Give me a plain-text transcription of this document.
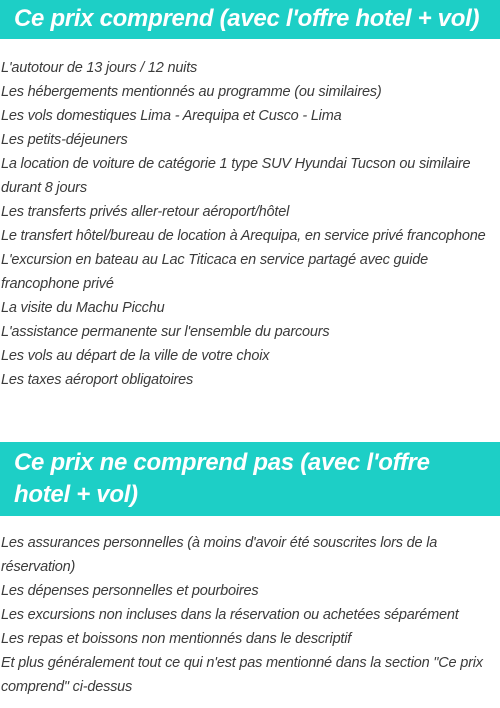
Ce prix comprend (avec l'offre hotel + vol)
L'autotour de 13 jours / 12 nuits
Les hébergements mentionnés au programme (ou similaires)
Les vols domestiques Lima - Arequipa et Cusco - Lima
Les petits-déjeuners
La location de voiture de catégorie 1 type SUV Hyundai Tucson ou similaire durant 8 jours
Les transferts privés aller-retour aéroport/hôtel
Le transfert hôtel/bureau de location à Arequipa, en service privé francophone
L'excursion en bateau au Lac Titicaca en service partagé avec guide francophone privé
La visite du Machu Picchu
L'assistance permanente sur l'ensemble du parcours
Les vols au départ de la ville de votre choix
Les taxes aéroport obligatoires
Ce prix ne comprend pas (avec l'offre hotel + vol)
Les assurances personnelles (à moins d'avoir été souscrites lors de la réservation)
Les dépenses personnelles et pourboires
Les excursions non incluses dans la réservation ou achetées séparément
Les repas et boissons non mentionnés dans le descriptif
Et plus généralement tout ce qui n'est pas mentionné dans la section "Ce prix comprend" ci-dessus
